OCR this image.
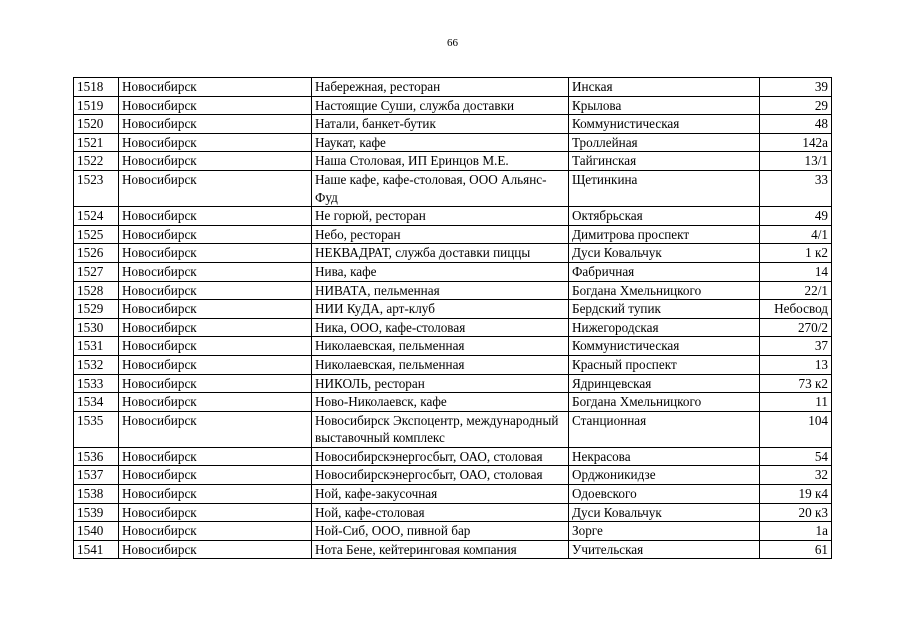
66
1518	Новосибирск	Набережная, ресторан	Инская	39
1519	Новосибирск	Настоящие Суши, служба доставки	Крылова	29
1520	Новосибирск	Натали, банкет-бутик	Коммунистическая	48
1521	Новосибирск	Наукат, кафе	Троллейная	142а
1522	Новосибирск	Наша Столовая, ИП Еринцов М.Е.	Тайгинская	13/1
1523	Новосибирск	Наше кафе, кафе-столовая, ООО Альянс-Фуд	Щетинкина	33
1524	Новосибирск	Не горюй, ресторан	Октябрьская	49
1525	Новосибирск	Небо, ресторан	Димитрова проспект	4/1
1526	Новосибирск	НЕКВАДРАТ, служба доставки пиццы	Дуси Ковальчук	1 к2
1527	Новосибирск	Нива, кафе	Фабричная	14
1528	Новосибирск	НИВАТА, пельменная	Богдана Хмельницкого	22/1
1529	Новосибирск	НИИ КуДА, арт-клуб	Бердский тупик	Небосвод
1530	Новосибирск	Ника, ООО, кафе-столовая	Нижегородская	270/2
1531	Новосибирск	Николаевская, пельменная	Коммунистическая	37
1532	Новосибирск	Николаевская, пельменная	Красный проспект	13
1533	Новосибирск	НИКОЛЬ, ресторан	Ядринцевская	73 к2
1534	Новосибирск	Ново-Николаевск, кафе	Богдана Хмельницкого	11
1535	Новосибирск	Новосибирск Экспоцентр, международный выставочный комплекс	Станционная	104
1536	Новосибирск	Новосибирскэнергосбыт, ОАО, столовая	Некрасова	54
1537	Новосибирск	Новосибирскэнергосбыт, ОАО, столовая	Орджоникидзе	32
1538	Новосибирск	Ной, кафе-закусочная	Одоевского	19 к4
1539	Новосибирск	Ной, кафе-столовая	Дуси Ковальчук	20 к3
1540	Новосибирск	Ной-Сиб, ООО, пивной бар	Зорге	1а
1541	Новосибирск	Нота Бене, кейтеринговая компания	Учительская	61
